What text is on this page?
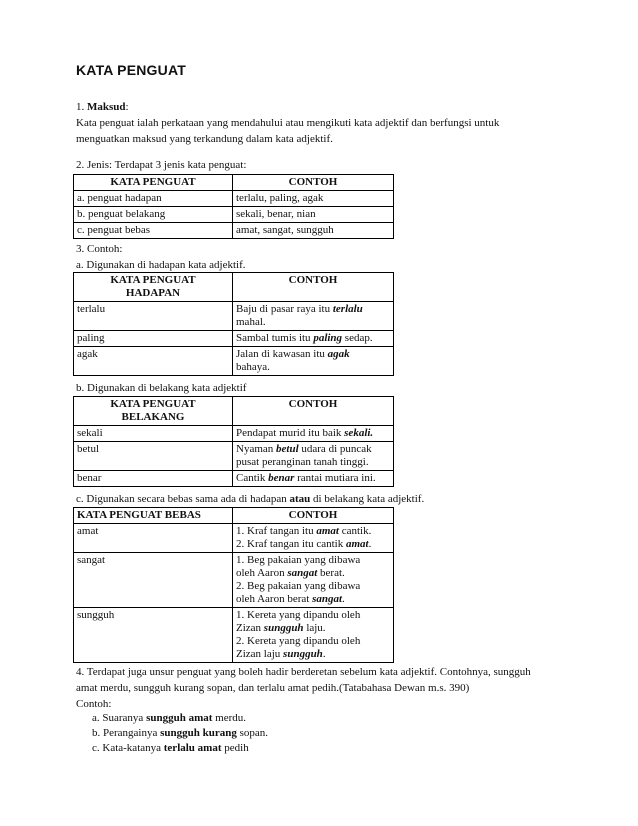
KATA PENGUAT
1. Maksud:
Kata penguat ialah perkataan yang mendahului atau mengikuti kata adjektif dan berfungsi untuk
menguatkan maksud yang terkandung dalam kata adjektif.
2. Jenis: Terdapat 3 jenis kata penguat:
KATA PENGUAT	CONTOH
a. penguat hadapan	terlalu, paling, agak
b. penguat belakang	sekali, benar, nian
c. penguat bebas	amat, sangat, sungguh
3. Contoh:
a. Digunakan di hadapan kata adjektif.
KATA PENGUAT
HADAPAN	CONTOH
terlalu	Baju di pasar raya itu terlalu
mahal.
paling	Sambal tumis itu paling sedap.
agak	Jalan di kawasan itu agak
bahaya.
b. Digunakan di belakang kata adjektif
KATA PENGUAT
BELAKANG	CONTOH
sekali	Pendapat murid itu baik sekali.
betul	Nyaman betul udara di puncak
pusat peranginan tanah tinggi.
benar	Cantik benar rantai mutiara ini.
c. Digunakan secara bebas sama ada di hadapan atau di belakang kata adjektif.
KATA PENGUAT BEBAS	CONTOH
amat	1. Kraf tangan itu amat cantik.
2. Kraf tangan itu cantik amat.
sangat	1. Beg pakaian yang dibawa
oleh Aaron sangat berat.
2. Beg pakaian yang dibawa
oleh Aaron berat sangat.
sungguh	1. Kereta yang dipandu oleh
Zizan sungguh laju.
2. Kereta yang dipandu oleh
Zizan laju sungguh.
4. Terdapat juga unsur penguat yang boleh hadir berderetan sebelum kata adjektif. Contohnya, sungguh
amat merdu, sungguh kurang sopan, dan terlalu amat pedih.(Tatabahasa Dewan m.s. 390)
Contoh:
a. Suaranya sungguh amat merdu.
b. Perangainya sungguh kurang sopan.
c. Kata-katanya terlalu amat pedih
